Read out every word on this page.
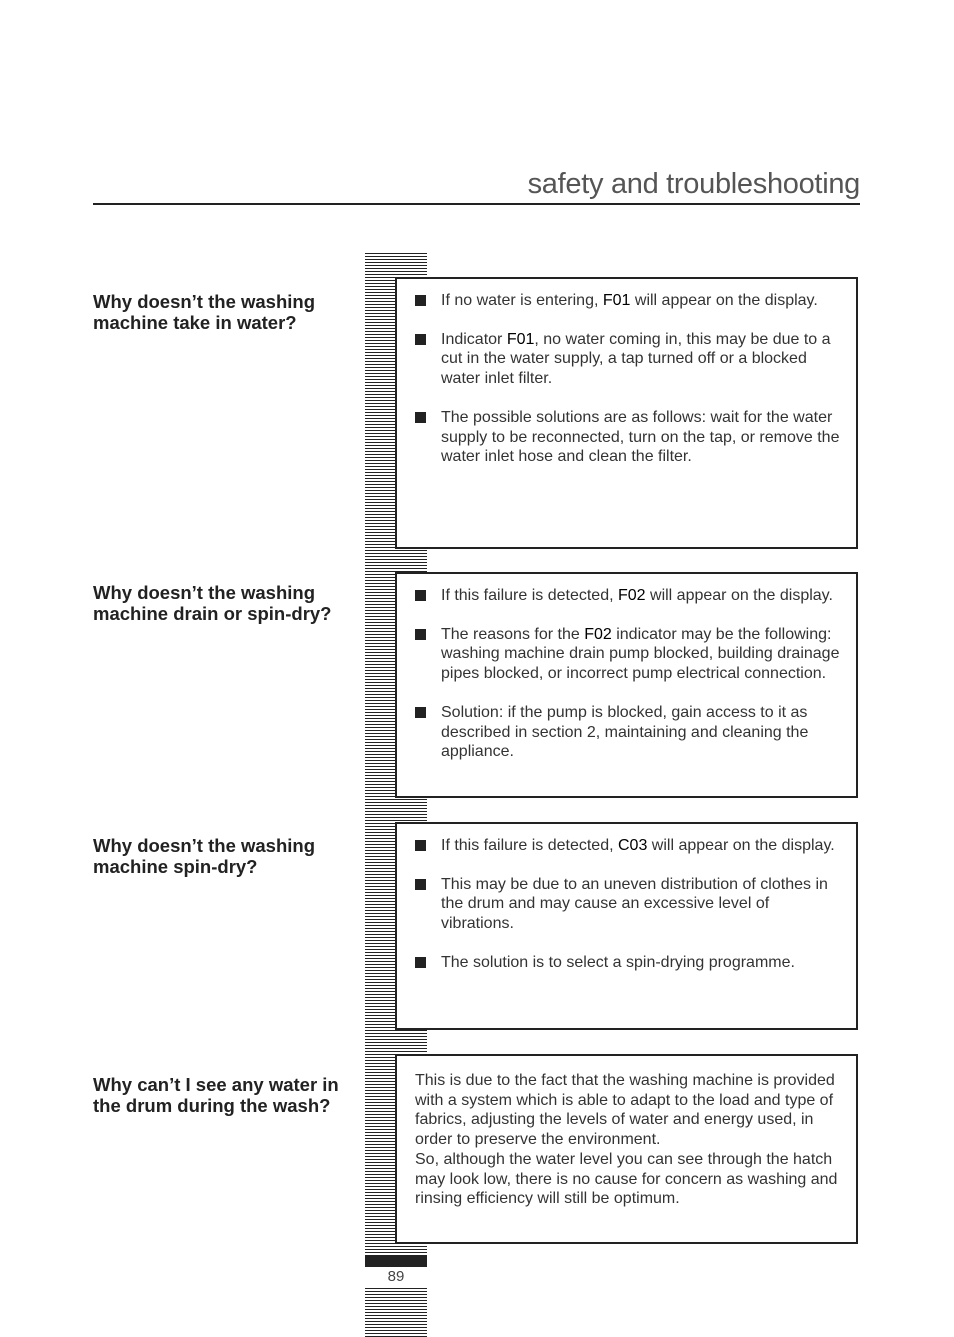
safety and troubleshooting
89
Why doesn’t the washing machine take in water?
If no water is entering, F01 will appear on the display.
Indicator F01, no water coming in, this may be due to a cut in the water supply, a tap turned off or a blocked water inlet filter.
The possible solutions are as follows: wait for the water supply to be reconnected, turn on the tap, or remove the water inlet hose and clean the filter.
Why doesn’t the washing machine drain or spin-dry?
If this failure is detected, F02 will appear on the display.
The reasons for the F02 indicator may be the following: washing machine drain pump blocked, building drainage pipes blocked, or incorrect pump electrical connection.
Solution: if the pump is blocked, gain access to it as described in section 2, maintaining and cleaning the appliance.
Why doesn’t the washing machine spin-dry?
If this failure is detected, C03 will appear on the display.
This may be due to an uneven distribution of clothes in the drum and may cause an excessive level of vibrations.
The solution is to select a spin-drying programme.
Why can’t I see any water in the drum during the wash?

This is due to the fact that the washing machine is provided with a system which is able to adapt to the load and type of fabrics, adjusting the levels of water and energy used, in order to preserve the environment.

So, although the water level you can see through the hatch may look low, there is no cause for concern as washing and rinsing efficiency will still be optimum.
